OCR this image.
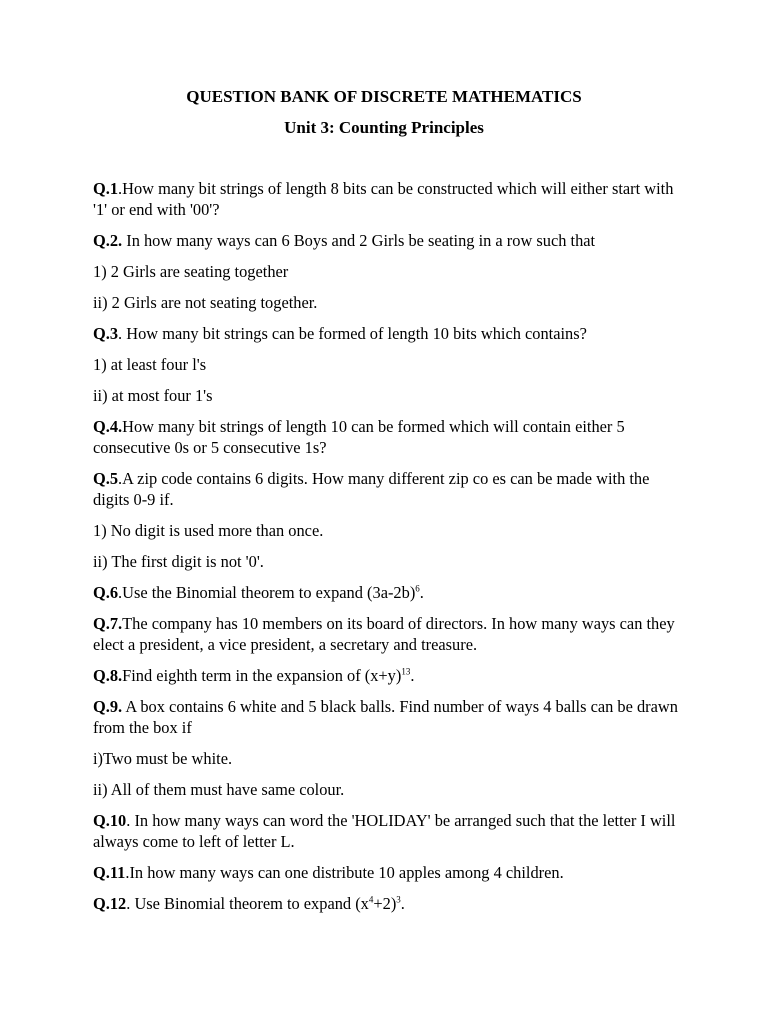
QUESTION BANK OF DISCRETE MATHEMATICS

Unit 3: Counting Principles

Q.1.How many bit strings of length 8 bits can be constructed which will either start with '1' or end with '00'?

Q.2. In how many ways can 6 Boys and 2 Girls be seating in a row such that

1) 2 Girls are seating together

ii) 2 Girls are not seating together.

Q.3. How many bit strings can be formed of length 10 bits which contains?

1) at least four l's

ii) at most four 1's

Q.4.How many bit strings of length 10 can be formed which will contain either 5 consecutive 0s or 5 consecutive 1s?

Q.5.A zip code contains 6 digits. How many different zip co es can be made with the digits 0-9 if.

1) No digit is used more than once.

ii) The first digit is not '0'.

Q.6.Use the Binomial theorem to expand $(3a-2b)^6$.

Q.7.The company has 10 members on its board of directors. In how many ways can they elect a president, a vice president, a secretary and treasure.

Q.8.Find eighth term in the expansion of $(x+y)^{13}$.

Q.9. A box contains 6 white and 5 black balls. Find number of ways 4 balls can be drawn from the box if

i)Two must be white.

ii) All of them must have same colour.

Q.10. In how many ways can word the 'HOLIDAY' be arranged such that the letter I will always come to left of letter L.

Q.11.In how many ways can one distribute 10 apples among 4 children.

Q.12. Use Binomial theorem to expand $(x^4+2)^3$.
